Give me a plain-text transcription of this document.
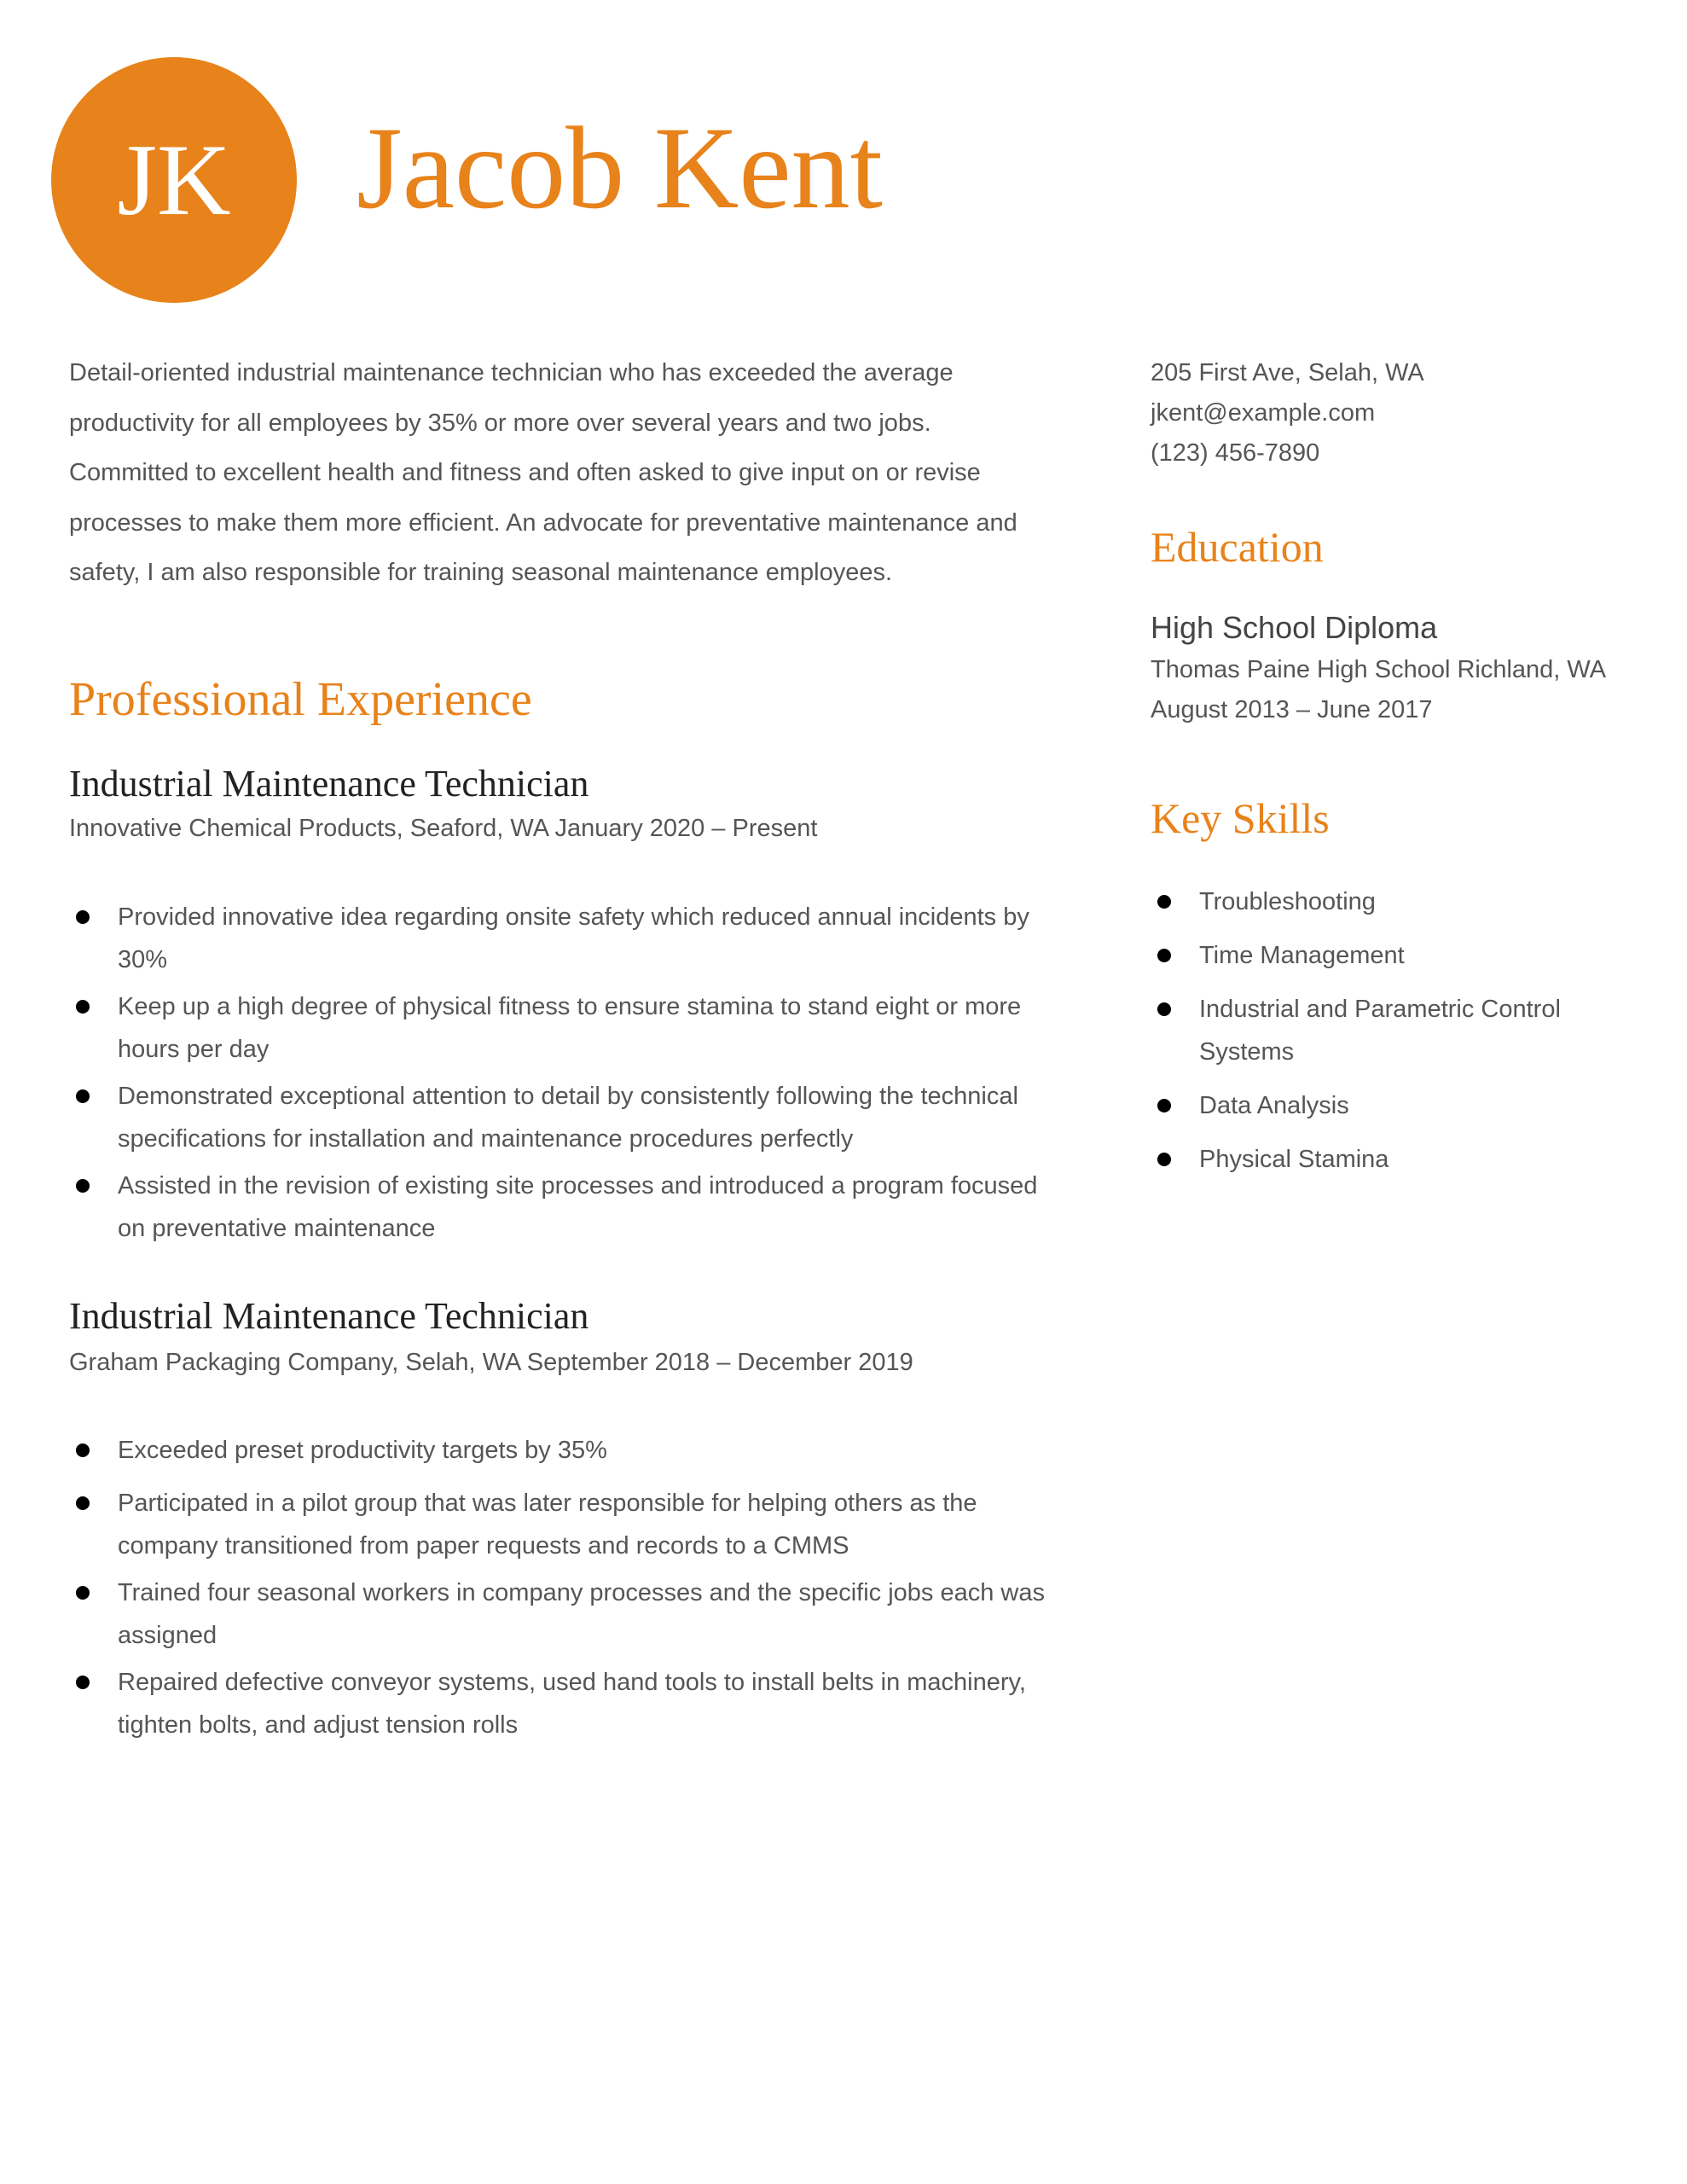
JK Jacob Kent
Detail-oriented industrial maintenance technician who has exceeded the average productivity for all employees by 35% or more over several years and two jobs. Committed to excellent health and fitness and often asked to give input on or revise processes to make them more efficient. An advocate for preventative maintenance and safety, I am also responsible for training seasonal maintenance employees.
205 First Ave, Selah, WA
jkent@example.com
(123) 456-7890
Education
High School Diploma
Thomas Paine High School Richland, WA
August 2013 – June 2017
Key Skills
Troubleshooting
Time Management
Industrial and Parametric Control Systems
Data Analysis
Physical Stamina
Professional Experience
Industrial Maintenance Technician
Innovative Chemical Products, Seaford, WA January 2020 – Present
Provided innovative idea regarding onsite safety which reduced annual incidents by 30%
Keep up a high degree of physical fitness to ensure stamina to stand eight or more hours per day
Demonstrated exceptional attention to detail by consistently following the technical specifications for installation and maintenance procedures perfectly
Assisted in the revision of existing site processes and introduced a program focused on preventative maintenance
Industrial Maintenance Technician
Graham Packaging Company, Selah, WA September 2018 – December 2019
Exceeded preset productivity targets by 35%
Participated in a pilot group that was later responsible for helping others as the company transitioned from paper requests and records to a CMMS
Trained four seasonal workers in company processes and the specific jobs each was assigned
Repaired defective conveyor systems, used hand tools to install belts in machinery, tighten bolts, and adjust tension rolls
